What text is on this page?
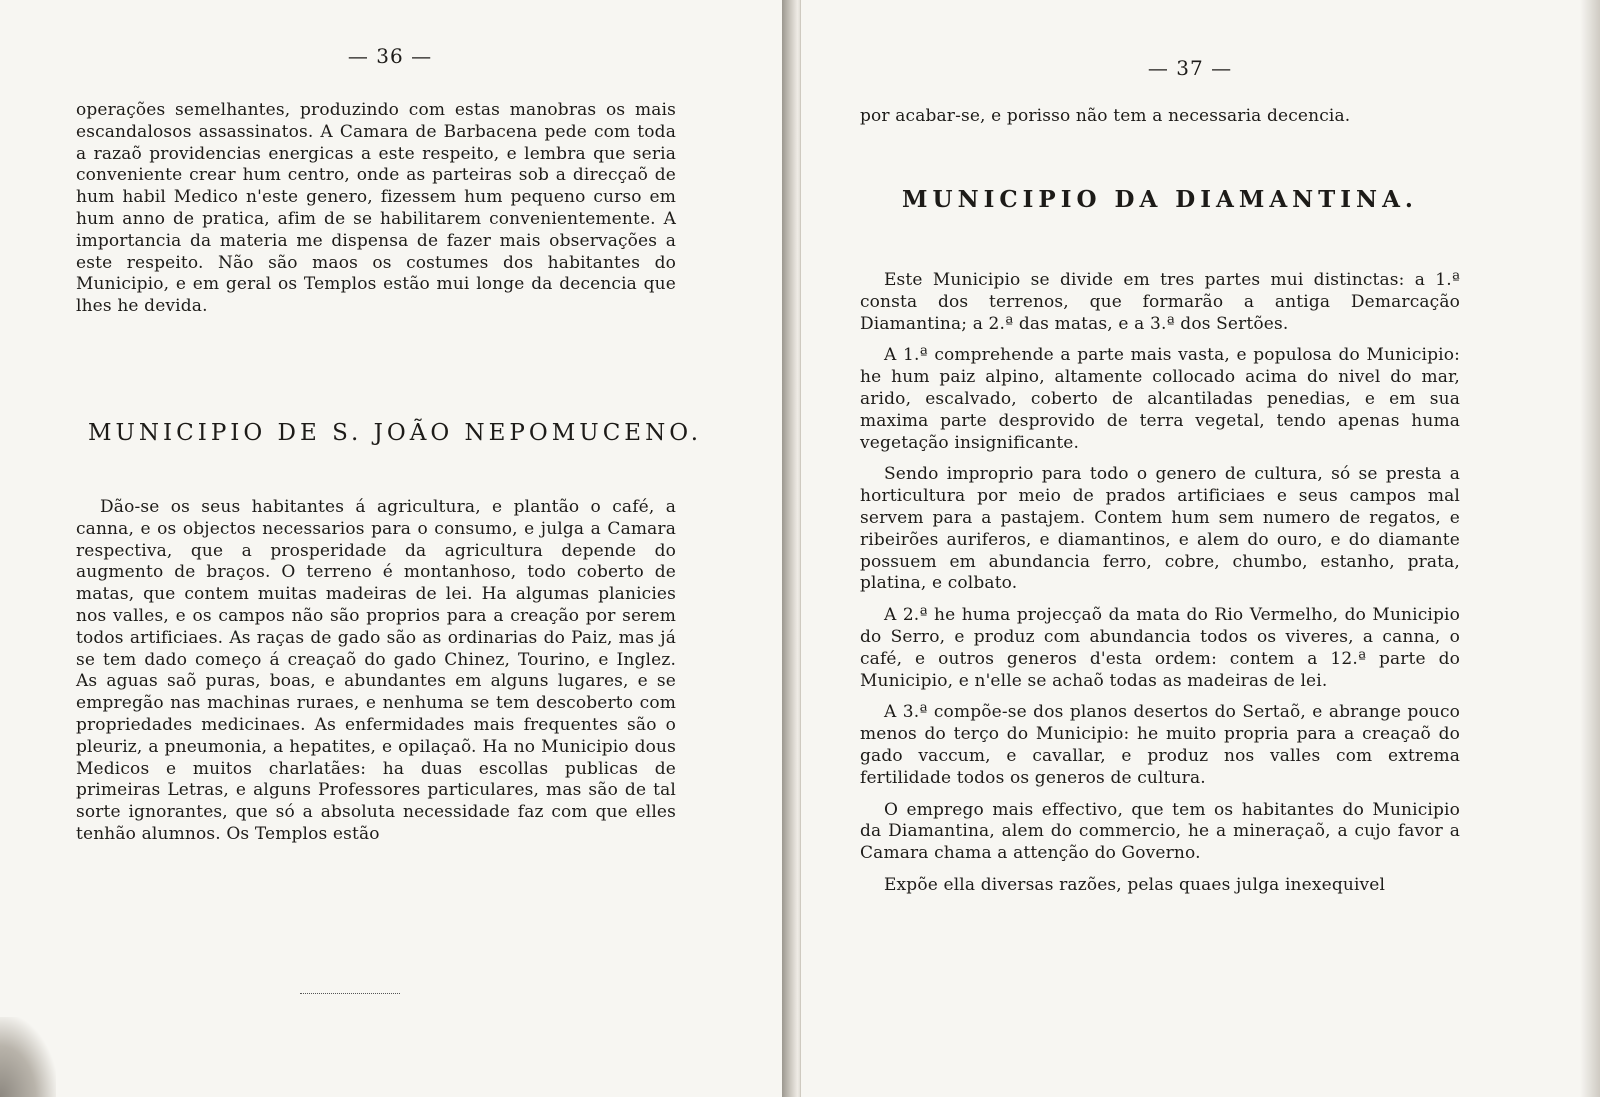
— 36 —

operações semelhantes, produzindo com estas manobras os mais escandalosos assassinatos. A Camara de Barbacena pede com toda a razaõ providencias energicas a este respeito, e lembra que seria conveniente crear hum centro, onde as parteiras sob a direcçaõ de hum habil Medico n'este genero, fizessem hum pequeno curso em hum anno de pratica, afim de se habilitarem convenientemente. A importancia da materia me dispensa de fazer mais observações a este respeito. Não são maos os costumes dos habitantes do Municipio, e em geral os Templos estão mui longe da decencia que lhes he devida.

MUNICIPIO DE S. JOÃO NEPOMUCENO.

Dão-se os seus habitantes á agricultura, e plantão o café, a canna, e os objectos necessarios para o consumo, e julga a Camara respectiva, que a prosperidade da agricultura depende do augmento de braços. O terreno é montanhoso, todo coberto de matas, que contem muitas madeiras de lei. Ha algumas planicies nos valles, e os campos não são proprios para a creação por serem todos artificiaes. As raças de gado são as ordinarias do Paiz, mas já se tem dado começo á creaçaõ do gado Chinez, Tourino, e Inglez. As aguas saõ puras, boas, e abundantes em alguns lugares, e se empregão nas machinas ruraes, e nenhuma se tem descoberto com propriedades medicinaes. As enfermidades mais frequentes são o pleuriz, a pneumonia, a hepatites, e opilaçaõ. Ha no Municipio dous Medicos e muitos charlatães: ha duas escollas publicas de primeiras Letras, e alguns Professores particulares, mas são de tal sorte ignorantes, que só a absoluta necessidade faz com que elles tenhão alumnos. Os Templos estão

— 37 —

por acabar-se, e porisso não tem a necessaria decencia.

MUNICIPIO DA DIAMANTINA.

Este Municipio se divide em tres partes mui distinctas: a 1.ª consta dos terrenos, que formarão a antiga Demarcação Diamantina; a 2.ª das matas, e a 3.ª dos Sertões.

A 1.ª comprehende a parte mais vasta, e populosa do Municipio: he hum paiz alpino, altamente collocado acima do nivel do mar, arido, escalvado, coberto de alcantiladas penedias, e em sua maxima parte desprovido de terra vegetal, tendo apenas huma vegetação insignificante.

Sendo improprio para todo o genero de cultura, só se presta a horticultura por meio de prados artificiaes e seus campos mal servem para a pastajem. Contem hum sem numero de regatos, e ribeirões auriferos, e diamantinos, e alem do ouro, e do diamante possuem em abundancia ferro, cobre, chumbo, estanho, prata, platina, e colbato.

A 2.ª he huma projecçaõ da mata do Rio Vermelho, do Municipio do Serro, e produz com abundancia todos os viveres, a canna, o café, e outros generos d'esta ordem: contem a 12.ª parte do Municipio, e n'elle se achaõ todas as madeiras de lei.

A 3.ª compõe-se dos planos desertos do Sertaõ, e abrange pouco menos do terço do Municipio: he muito propria para a creaçaõ do gado vaccum, e cavallar, e produz nos valles com extrema fertilidade todos os generos de cultura.

O emprego mais effectivo, que tem os habitantes do Municipio da Diamantina, alem do commercio, he a mineraçaõ, a cujo favor a Camara chama a attenção do Governo.

Expõe ella diversas razões, pelas quaes julga inexequivel
